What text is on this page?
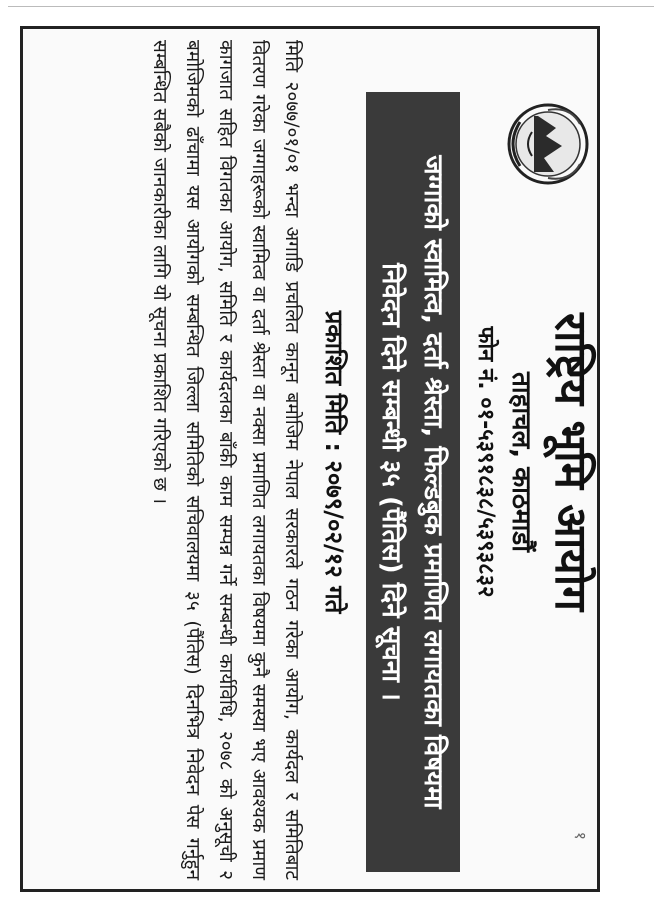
१
राष्ट्रिय भूमि आयोग
ताहाचल, काठमाडौं
फोन नं. ०१-५३९१८३८/५३९३८३२
जग्गाको स्वामित्व, दर्ता श्रेस्ता, फिल्डबुक प्रमाणित लगायतका विषयमा
निवेदन दिने सम्बन्धी ३५ (पैंतिस) दिने सूचना ।
प्रकाशित मिति : २०७९/०२/१२ गते
मिति २०७७/०१/०१ भन्दा अगाडि प्रचलित कानून बमोजिम नेपाल सरकारले गठन गरेका आयोग, कार्यदल र समितिबाट वितरण गरेका जग्गाहरूको स्वामित्व वा दर्ता श्रेस्ता वा नक्सा प्रमाणित लगायतका विषयमा कुनै समस्या भए आवश्यक प्रमाण कागजात सहित विगतका आयोग, समिति र कार्यदलका बाँकी काम सम्पन्न गर्ने सम्बन्धी कार्यविधि, २०७८ को अनुसूची २ बमोजिमको ढाँचामा यस आयोगको सम्बन्धित जिल्ला समितिको सचिवालयमा ३५ (पैंतिस) दिनभित्र निवेदन पेस गर्नुहुन सम्बन्धित सबैको जानकारीका लागि यो सूचना प्रकाशित गरिएको छ ।
